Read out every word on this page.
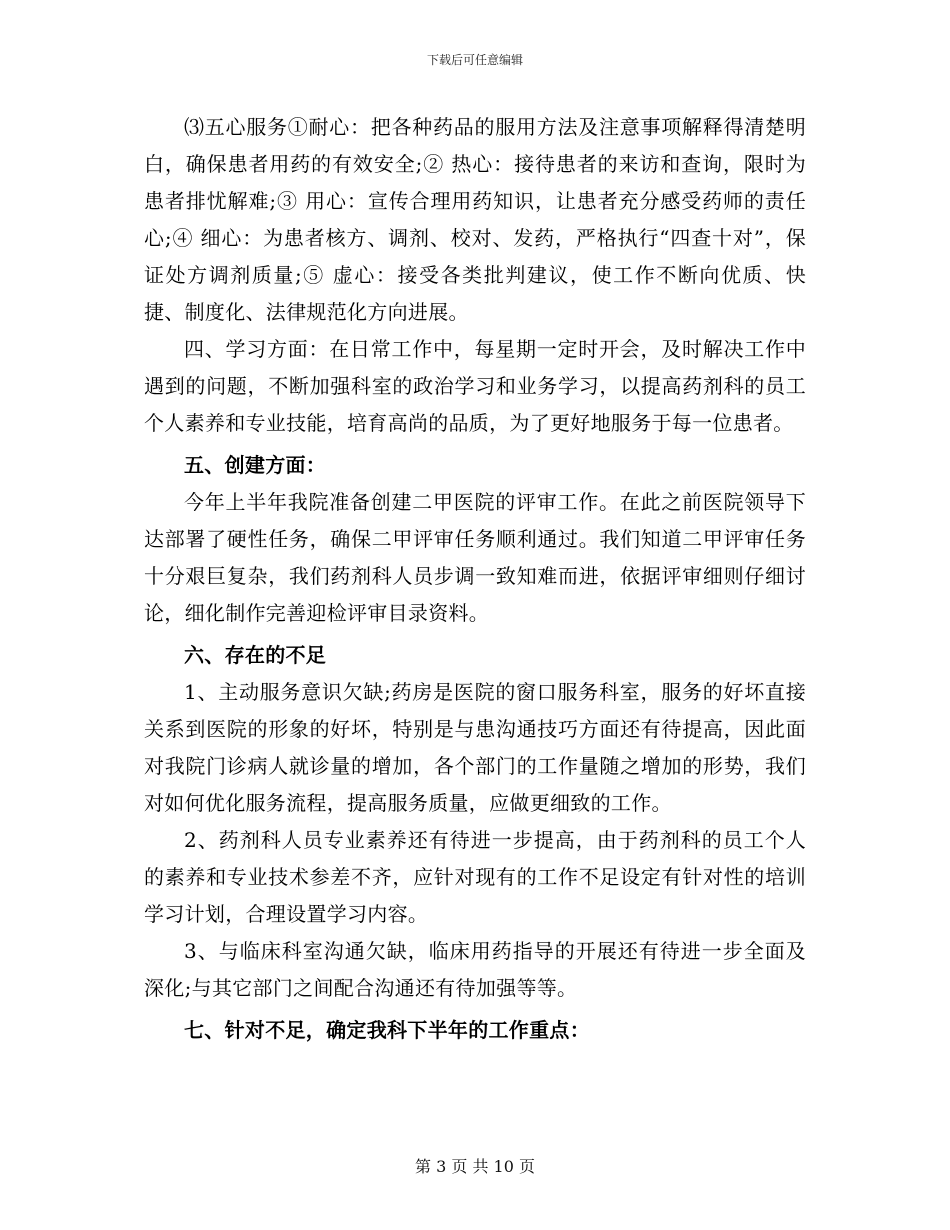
下载后可任意编辑

⑶五心服务①耐心：把各种药品的服用方法及注意事项解释得清楚明白，确保患者用药的有效安全;② 热心：接待患者的来访和查询，限时为患者排忧解难;③ 用心：宣传合理用药知识，让患者充分感受药师的责任心;④ 细心：为患者核方、调剂、校对、发药，严格执行“四查十对”，保证处方调剂质量;⑤ 虚心：接受各类批判建议，使工作不断向优质、快捷、制度化、法律规范化方向进展。

四、学习方面：在日常工作中，每星期一定时开会，及时解决工作中遇到的问题，不断加强科室的政治学习和业务学习，以提高药剂科的员工个人素养和专业技能，培育高尚的品质，为了更好地服务于每一位患者。

五、创建方面：

今年上半年我院准备创建二甲医院的评审工作。在此之前医院领导下达部署了硬性任务，确保二甲评审任务顺利通过。我们知道二甲评审任务十分艰巨复杂，我们药剂科人员步调一致知难而进，依据评审细则仔细讨论，细化制作完善迎检评审目录资料。

六、存在的不足

1、主动服务意识欠缺;药房是医院的窗口服务科室，服务的好坏直接关系到医院的形象的好坏，特别是与患沟通技巧方面还有待提高，因此面对我院门诊病人就诊量的增加，各个部门的工作量随之增加的形势，我们对如何优化服务流程，提高服务质量，应做更细致的工作。

2、药剂科人员专业素养还有待进一步提高，由于药剂科的员工个人的素养和专业技术参差不齐，应针对现有的工作不足设定有针对性的培训学习计划，合理设置学习内容。

3、与临床科室沟通欠缺，临床用药指导的开展还有待进一步全面及深化;与其它部门之间配合沟通还有待加强等等。

七、针对不足，确定我科下半年的工作重点：

第 3 页 共 10 页
